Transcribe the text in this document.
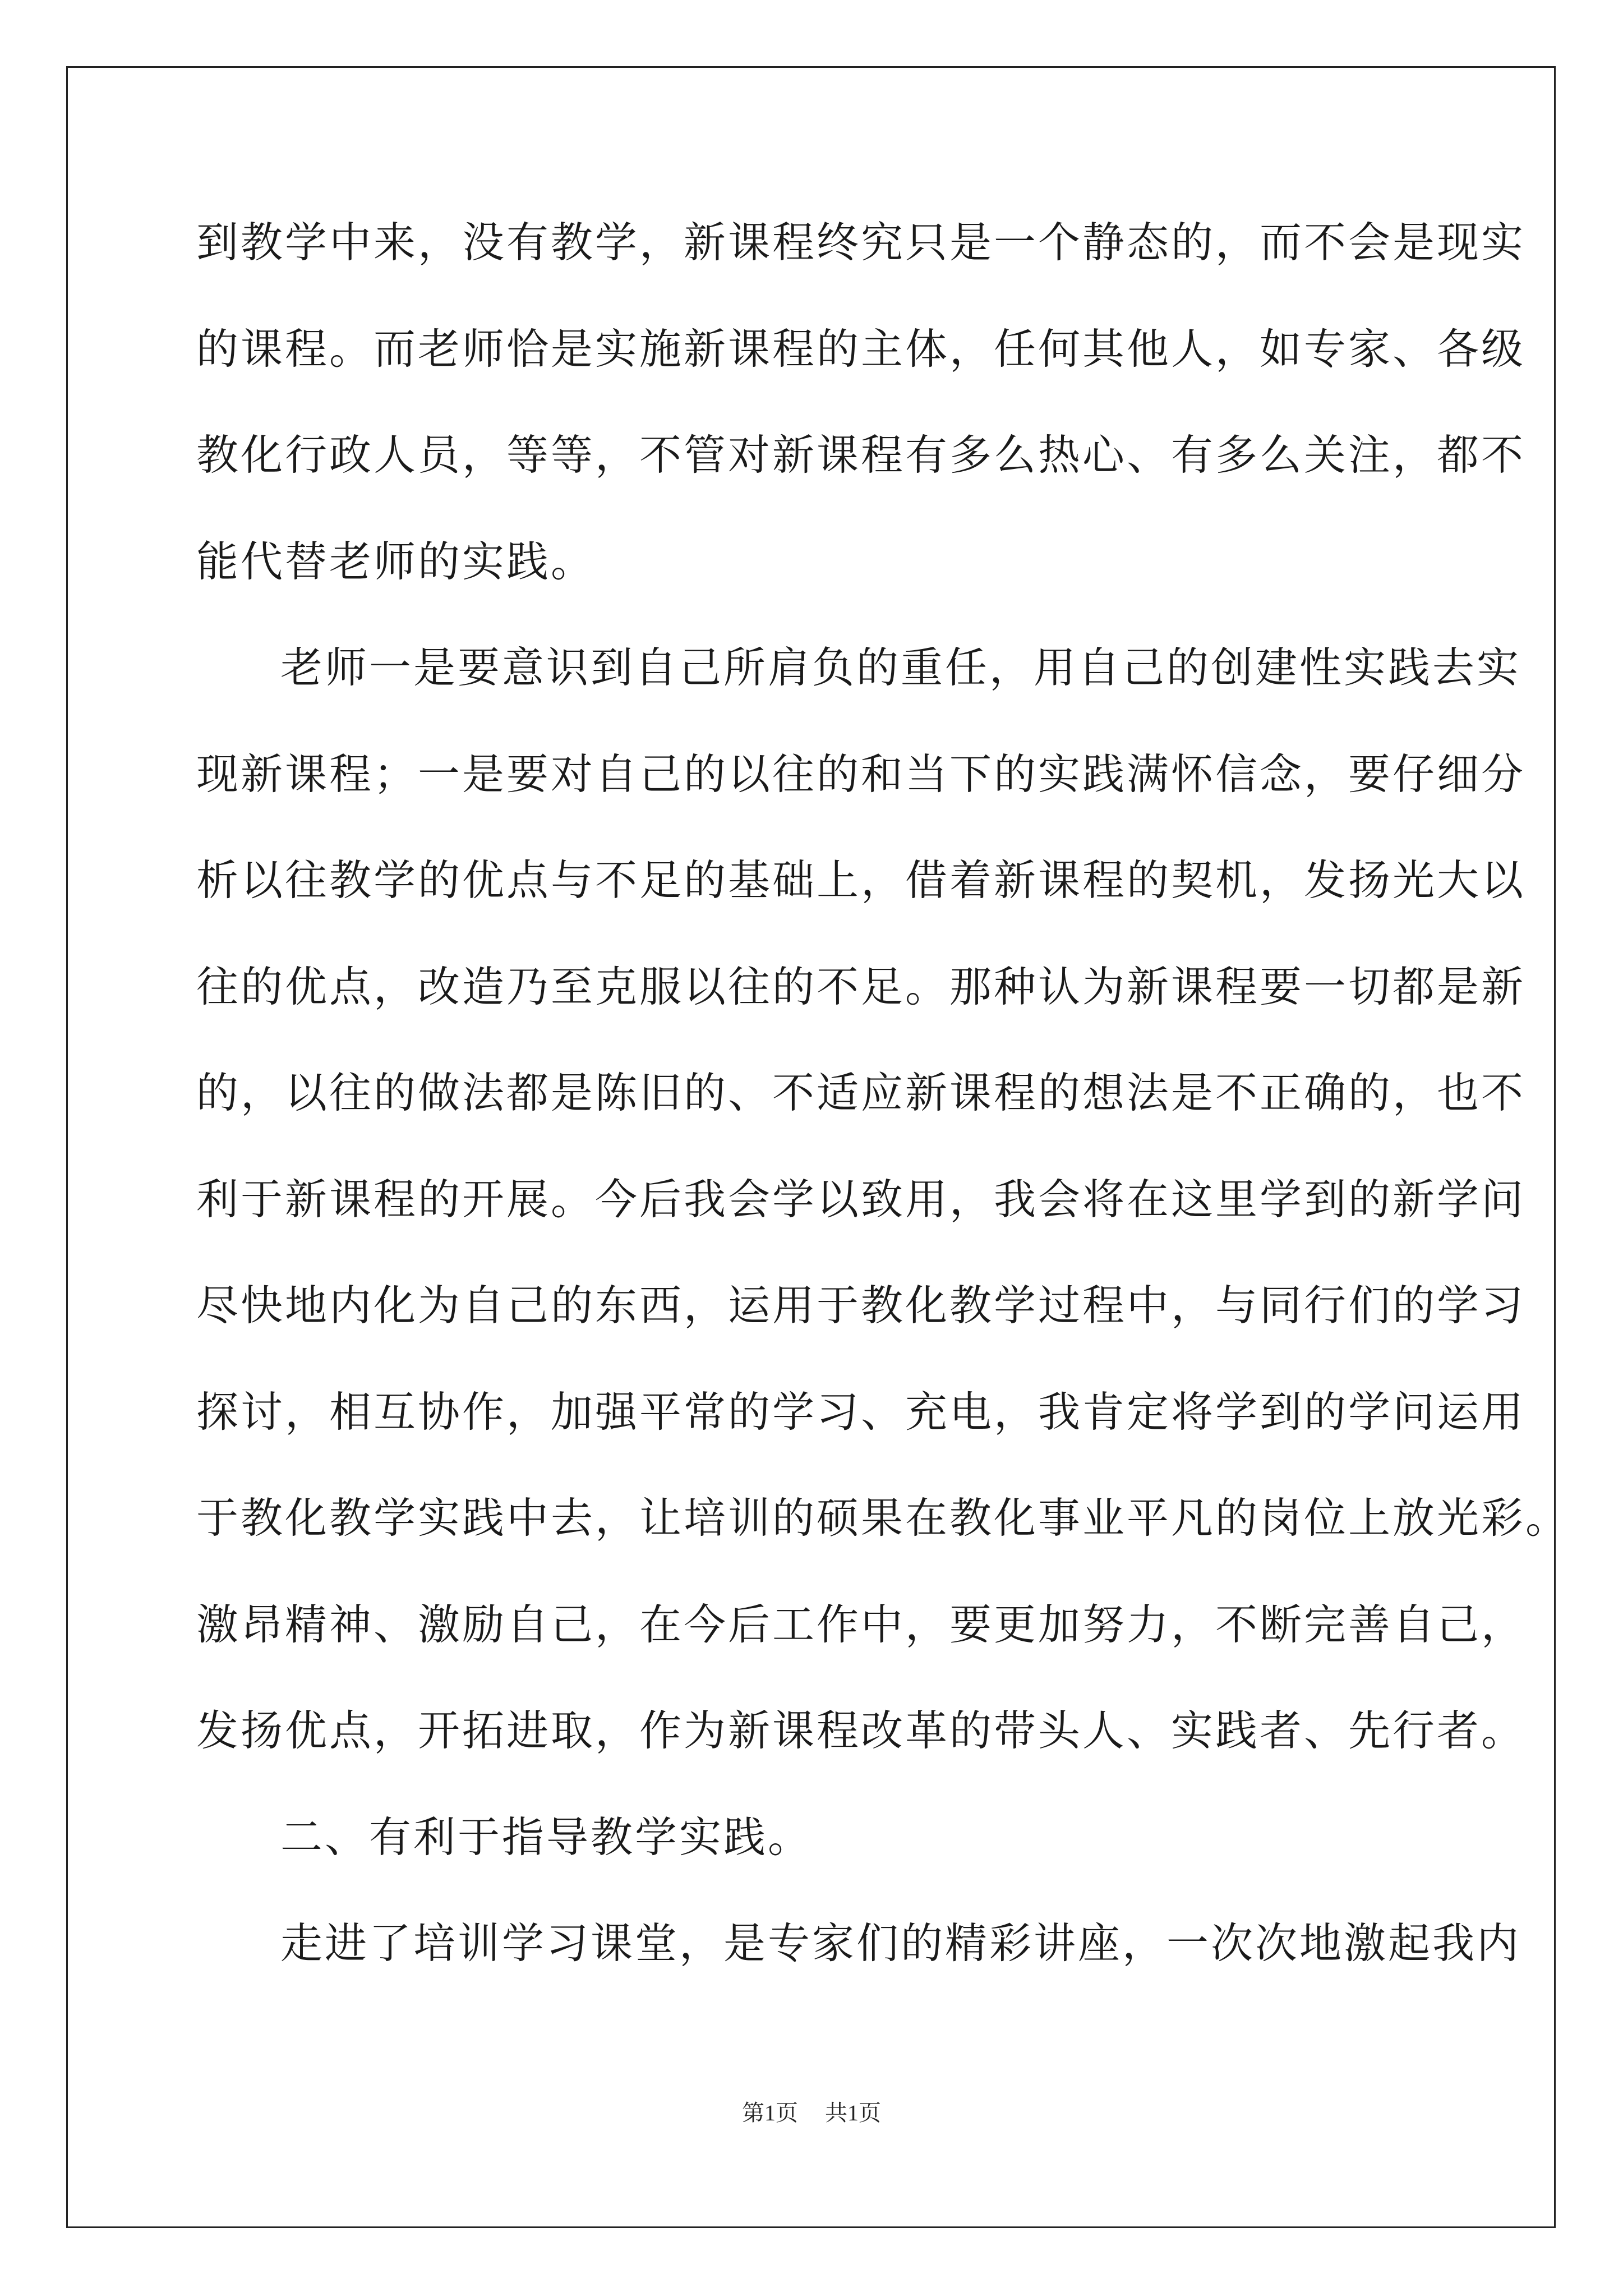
到教学中来，没有教学，新课程终究只是一个静态的，而不会是现实
的课程。而老师恰是实施新课程的主体，任何其他人，如专家、各级
教化行政人员，等等，不管对新课程有多么热心、有多么关注，都不
能代替老师的实践。
老师一是要意识到自己所肩负的重任，用自己的创建性实践去实
现新课程；一是要对自己的以往的和当下的实践满怀信念，要仔细分
析以往教学的优点与不足的基础上，借着新课程的契机，发扬光大以
往的优点，改造乃至克服以往的不足。那种认为新课程要一切都是新
的，以往的做法都是陈旧的、不适应新课程的想法是不正确的，也不
利于新课程的开展。今后我会学以致用，我会将在这里学到的新学问
尽快地内化为自己的东西，运用于教化教学过程中，与同行们的学习
探讨，相互协作，加强平常的学习、充电，我肯定将学到的学问运用
于教化教学实践中去，让培训的硕果在教化事业平凡的岗位上放光彩。
激昂精神、激励自己，在今后工作中，要更加努力，不断完善自己，
发扬优点，开拓进取，作为新课程改革的带头人、实践者、先行者。
二、有利于指导教学实践。
走进了培训学习课堂，是专家们的精彩讲座，一次次地激起我内
第1页 共1页
